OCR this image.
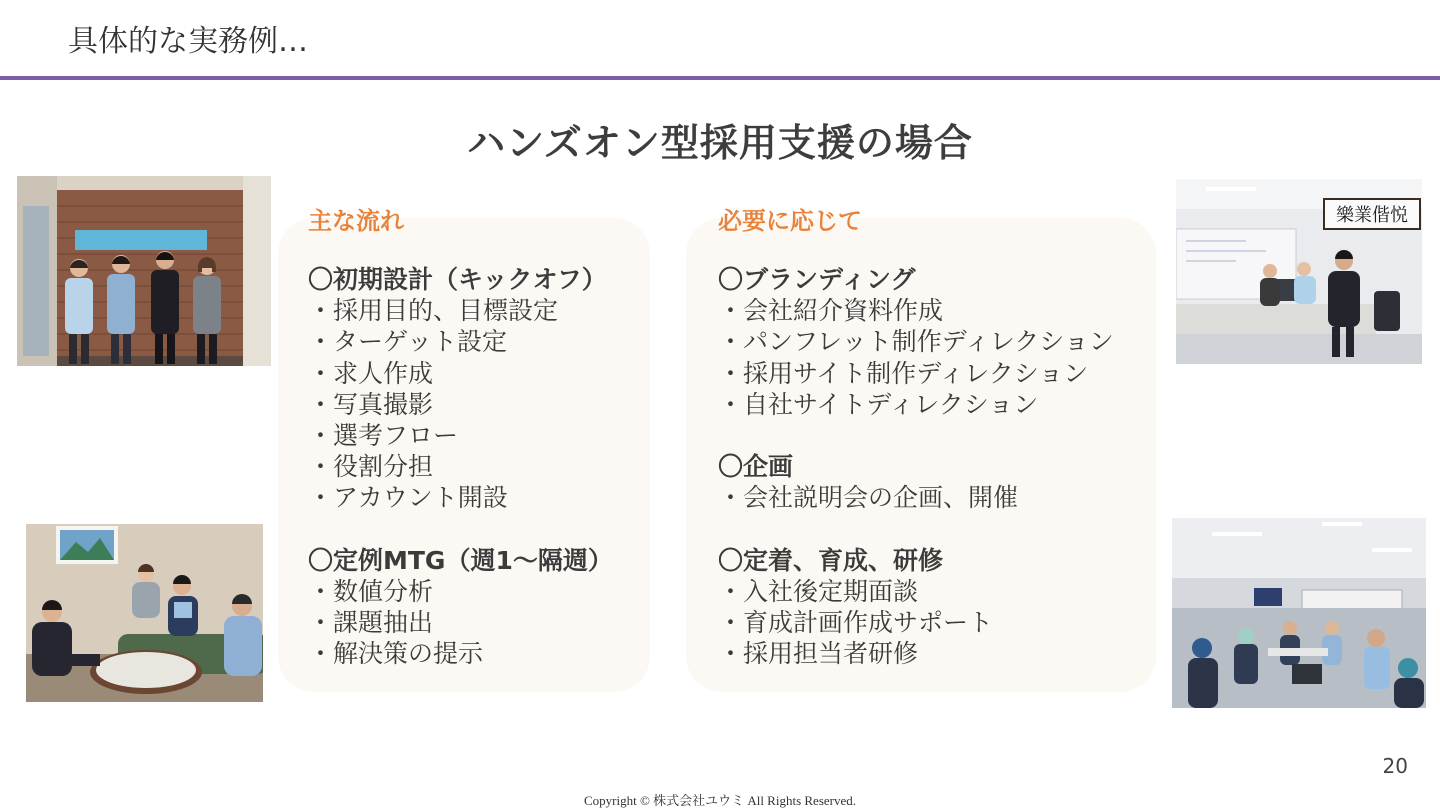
具体的な実務例…
ハンズオン型採用支援の場合
主な流れ	必要に応じて
〇初期設計（キックオフ）
・採用目的、目標設定
・ターゲット設定
・求人作成
・写真撮影
・選考フロー
・役割分担
・アカウント開設
〇定例MTG（週1〜隔週）
・数値分析
・課題抽出
・解決策の提示
〇ブランディング
・会社紹介資料作成
・パンフレット制作ディレクション
・採用サイト制作ディレクション
・自社サイトディレクション
〇企画
・会社説明会の企画、開催
〇定着、育成、研修
・入社後定期面談
・育成計画作成サポート
・採用担当者研修
樂業偕悦
20
Copyright © 株式会社ユウミ All Rights Reserved.
